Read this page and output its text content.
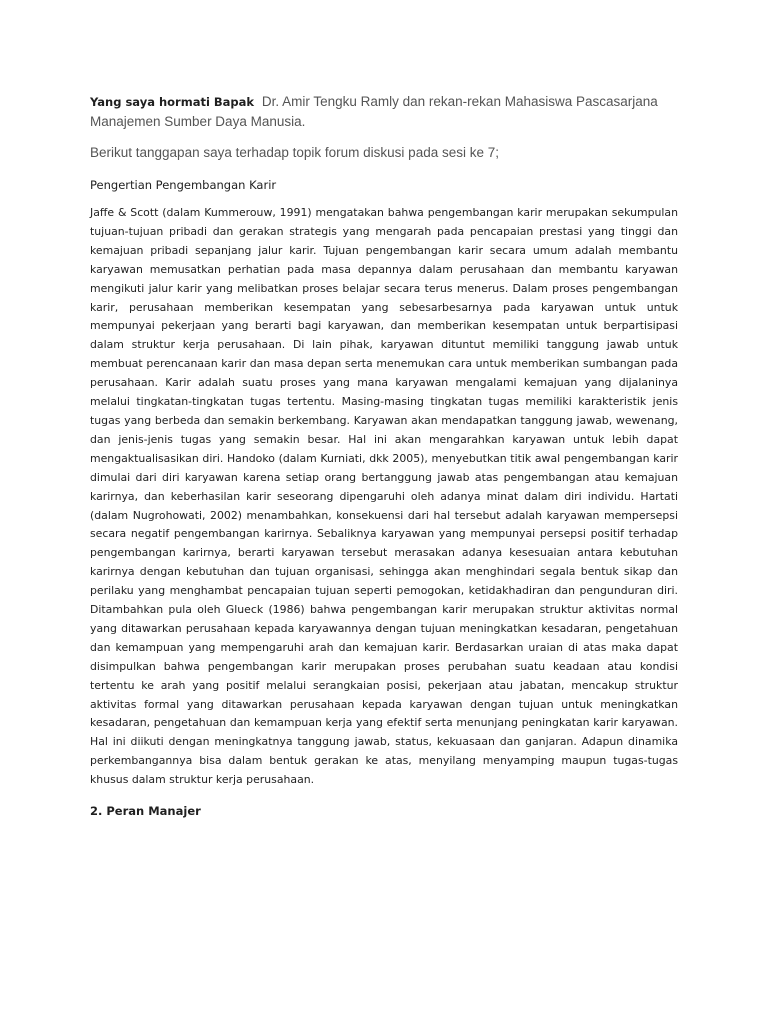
Yang saya hormati Bapak Dr. Amir Tengku Ramly dan rekan-rekan Mahasiswa Pascasarjana Manajemen Sumber Daya Manusia.

Berikut tanggapan saya terhadap topik forum diskusi pada sesi ke 7;

Pengertian Pengembangan Karir

Jaffe & Scott (dalam Kummerouw, 1991) mengatakan bahwa pengembangan karir merupakan sekumpulan tujuan-tujuan pribadi dan gerakan strategis yang mengarah pada pencapaian prestasi yang tinggi dan kemajuan pribadi sepanjang jalur karir. Tujuan pengembangan karir secara umum adalah membantu karyawan memusatkan perhatian pada masa depannya dalam perusahaan dan membantu karyawan mengikuti jalur karir yang melibatkan proses belajar secara terus menerus. Dalam proses pengembangan karir, perusahaan memberikan kesempatan yang sebesarbesarnya pada karyawan untuk untuk mempunyai pekerjaan yang berarti bagi karyawan, dan memberikan kesempatan untuk berpartisipasi dalam struktur kerja perusahaan. Di lain pihak, karyawan dituntut memiliki tanggung jawab untuk membuat perencanaan karir dan masa depan serta menemukan cara untuk memberikan sumbangan pada perusahaan. Karir adalah suatu proses yang mana karyawan mengalami kemajuan yang dijalaninya melalui tingkatan-tingkatan tugas tertentu. Masing-masing tingkatan tugas memiliki karakteristik jenis tugas yang berbeda dan semakin berkembang. Karyawan akan mendapatkan tanggung jawab, wewenang, dan jenis-jenis tugas yang semakin besar. Hal ini akan mengarahkan karyawan untuk lebih dapat mengaktualisasikan diri. Handoko (dalam Kurniati, dkk 2005), menyebutkan titik awal pengembangan karir dimulai dari diri karyawan karena setiap orang bertanggung jawab atas pengembangan atau kemajuan karirnya, dan keberhasilan karir seseorang dipengaruhi oleh adanya minat dalam diri individu. Hartati (dalam Nugrohowati, 2002) menambahkan, konsekuensi dari hal tersebut adalah karyawan mempersepsi secara negatif pengembangan karirnya. Sebaliknya karyawan yang mempunyai persepsi positif terhadap pengembangan karirnya, berarti karyawan tersebut merasakan adanya kesesuaian antara kebutuhan karirnya dengan kebutuhan dan tujuan organisasi, sehingga akan menghindari segala bentuk sikap dan perilaku yang menghambat pencapaian tujuan seperti pemogokan, ketidakhadiran dan pengunduran diri. Ditambahkan pula oleh Glueck (1986) bahwa pengembangan karir merupakan struktur aktivitas normal yang ditawarkan perusahaan kepada karyawannya dengan tujuan meningkatkan kesadaran, pengetahuan dan kemampuan yang mempengaruhi arah dan kemajuan karir. Berdasarkan uraian di atas maka dapat disimpulkan bahwa pengembangan karir merupakan proses perubahan suatu keadaan atau kondisi tertentu ke arah yang positif melalui serangkaian posisi, pekerjaan atau jabatan, mencakup struktur aktivitas formal yang ditawarkan perusahaan kepada karyawan dengan tujuan untuk meningkatkan kesadaran, pengetahuan dan kemampuan kerja yang efektif serta menunjang peningkatan karir karyawan. Hal ini diikuti dengan meningkatnya tanggung jawab, status, kekuasaan dan ganjaran. Adapun dinamika perkembangannya bisa dalam bentuk gerakan ke atas, menyilang menyamping maupun tugas-tugas khusus dalam struktur kerja perusahaan.

2. Peran Manajer
